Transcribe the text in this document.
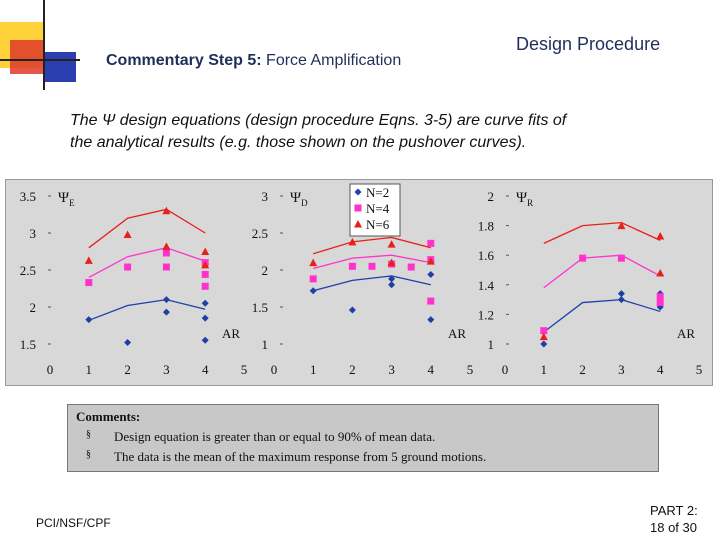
Commentary Step 5: Force Amplification
Design Procedure
The Ψ design equations (design procedure Eqns. 3-5) are curve fits of
the analytical results (e.g. those shown on the pushover curves).
1.5
2
2.5
3
3.5
0 1 2 3 4 5
$\Psi_E$
AR
N=2
N=4
N=6
1
1.5
2
2.5
3
0	1	2	3	4	5
$\Psi_D$
AR
1
1.2
1.4
1.6
1.8
2
0 1 2 3 4 5
$\Psi_R$
AR
Comments:
§ Design equation is greater than or equal to 90% of mean data.
§ The data is the mean of the maximum response from 5 ground motions.
PCI/NSF/CPF
PART 2:
18 of 30
